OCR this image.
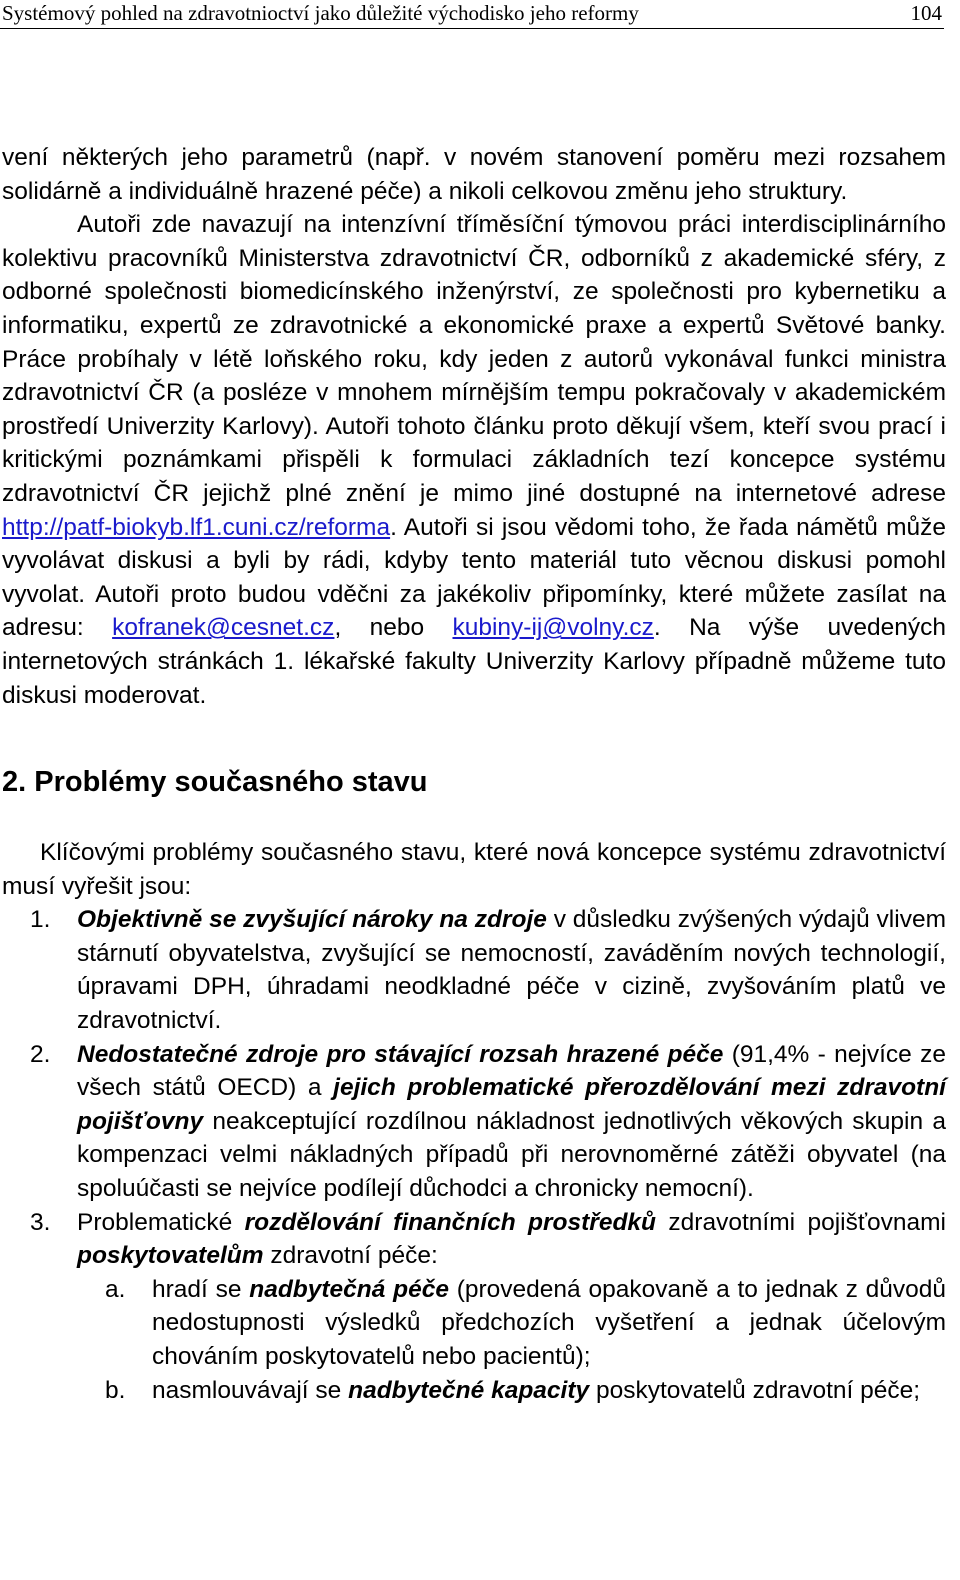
Systémový pohled na zdravotnioctví jako důležité východisko jeho reformy	104

vení některých jeho parametrů (např. v novém stanovení poměru mezi rozsahem solidárně a individuálně hrazené péče) a nikoli celkovou změnu jeho struktury.

Autoři zde navazují na intenzívní tříměsíční týmovou práci interdisciplinárního kolektivu pracovníků Ministerstva zdravotnictví ČR, odborníků z akademické sféry, z odborné společnosti biomedicínského inženýrství, ze společnosti pro kybernetiku a informatiku, expertů ze zdravotnické a ekonomické praxe a expertů Světové banky. Práce probíhaly v létě loňského roku, kdy jeden z autorů vykonával funkci ministra zdravotnictví ČR (a posléze v mnohem mírnějším tempu pokračovaly v akademickém prostředí Univerzity Karlovy). Autoři tohoto článku proto děkují všem, kteří svou prací i kritickými poznámkami přispěli k formulaci základních tezí koncepce systému zdravotnictví ČR jejichž plné znění je mimo jiné dostupné na internetové adrese http://patf-biokyb.lf1.cuni.cz/reforma. Autoři si jsou vědomi toho, že řada námětů může vyvolávat diskusi a byli by rádi, kdyby tento materiál tuto věcnou diskusi pomohl vyvolat. Autoři proto budou vděčni za jakékoliv připomínky, které můžete zasílat na adresu: kofranek@cesnet.cz, nebo kubiny-ij@volny.cz. Na výše uvedených internetových stránkách 1. lékařské fakulty Univerzity Karlovy případně můžeme tuto diskusi moderovat.

2. Problémy současného stavu

Klíčovými problémy současného stavu, které nová koncepce systému zdravotnictví musí vyřešit jsou:

1. Objektivně se zvyšující nároky na zdroje v důsledku zvýšených výdajů vlivem stárnutí obyvatelstva, zvyšující se nemocností, zaváděním nových technologií, úpravami DPH, úhradami neodkladné péče v cizině, zvyšováním platů ve zdravotnictví.
2. Nedostatečné zdroje pro stávající rozsah hrazené péče (91,4% - nejvíce ze všech států OECD) a jejich problematické přerozdělování mezi zdravotní pojišťovny neakceptující rozdílnou nákladnost jednotlivých věkových skupin a kompenzaci velmi nákladných případů při nerovnoměrné zátěži obyvatel (na spoluúčasti se nejvíce podílejí důchodci a chronicky nemocní).
3. Problematické rozdělování finančních prostředků zdravotními pojišťovnami poskytovatelům zdravotní péče:
a. hradí se nadbytečná péče (provedená opakovaně a to jednak z důvodů nedostupnosti výsledků předchozích vyšetření a jednak účelovým chováním poskytovatelů nebo pacientů);
b. nasmlouvávají se nadbytečné kapacity poskytovatelů zdravotní péče;
